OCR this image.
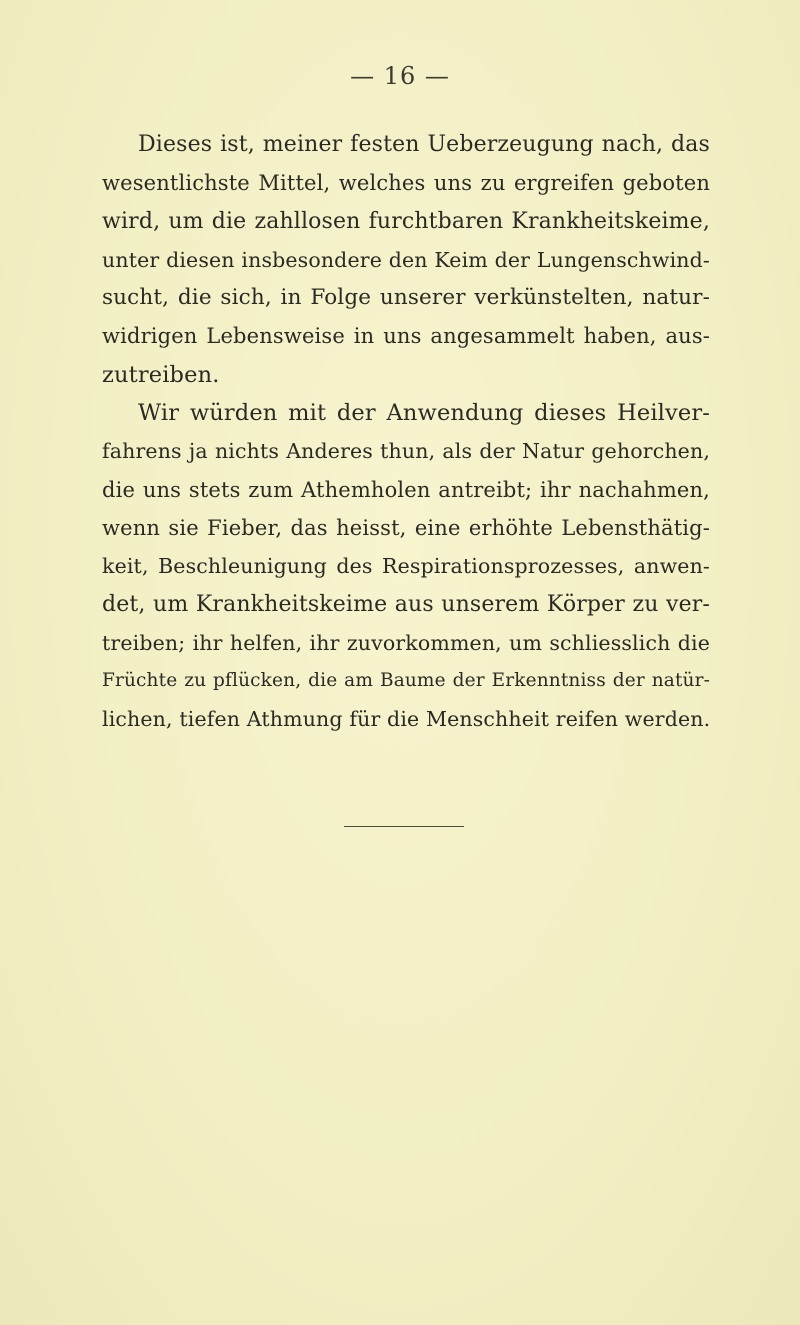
— 16 —
Dieses ist, meiner festen Ueberzeugung nach, das
wesentlichste Mittel, welches uns zu ergreifen geboten
wird, um die zahllosen furchtbaren Krankheitskeime,
unter diesen insbesondere den Keim der Lungenschwind-
sucht, die sich, in Folge unserer verkünstelten, natur-
widrigen Lebensweise in uns angesammelt haben, aus-
zutreiben.
Wir würden mit der Anwendung dieses Heilver-
fahrens ja nichts Anderes thun, als der Natur gehorchen,
die uns stets zum Athemholen antreibt; ihr nachahmen,
wenn sie Fieber, das heisst, eine erhöhte Lebensthätig-
keit, Beschleunigung des Respirationsprozesses, anwen-
det, um Krankheitskeime aus unserem Körper zu ver-
treiben; ihr helfen, ihr zuvorkommen, um schliesslich die
Früchte zu pflücken, die am Baume der Erkenntniss der natür-
lichen, tiefen Athmung für die Menschheit reifen werden.
